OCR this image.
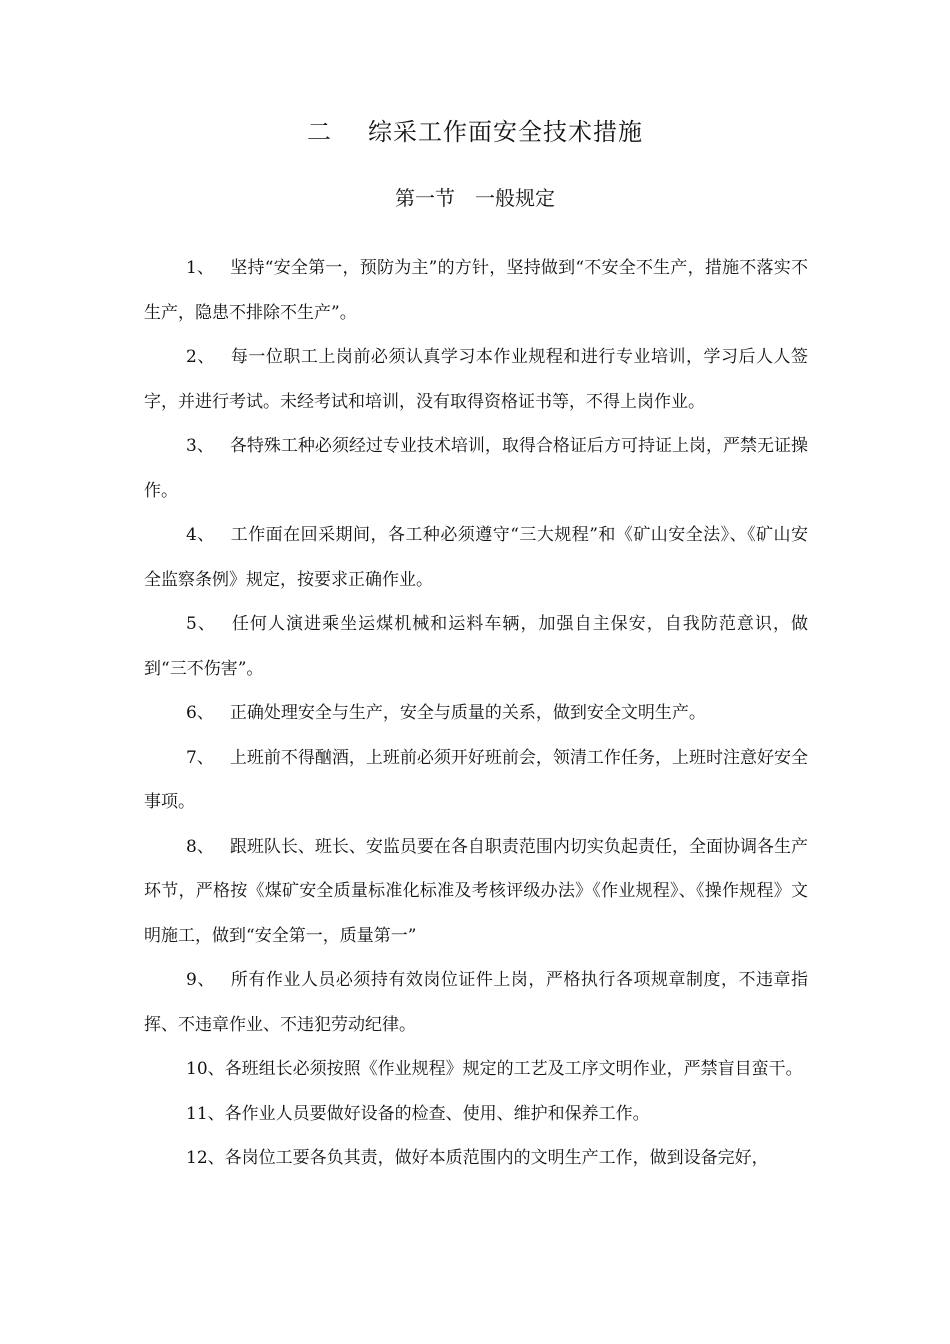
二 综采工作面安全技术措施
第一节 一般规定

1、 坚持“安全第一，预防为主”的方针，坚持做到“不安全不生产，措施不落实不生产，隐患不排除不生产”。

2、 每一位职工上岗前必须认真学习本作业规程和进行专业培训，学习后人人签字，并进行考试。未经考试和培训，没有取得资格证书等，不得上岗作业。

3、 各特殊工种必须经过专业技术培训，取得合格证后方可持证上岗，严禁无证操作。

4、 工作面在回采期间，各工种必须遵守“三大规程”和《矿山安全法》、《矿山安全监察条例》规定，按要求正确作业。

5、 任何人演进乘坐运煤机械和运料车辆，加强自主保安，自我防范意识，做到“三不伤害”。

6、 正确处理安全与生产，安全与质量的关系，做到安全文明生产。

7、 上班前不得酗酒，上班前必须开好班前会，领清工作任务，上班时注意好安全事项。

8、 跟班队长、班长、安监员要在各自职责范围内切实负起责任，全面协调各生产环节，严格按《煤矿安全质量标准化标准及考核评级办法》《作业规程》、《操作规程》文明施工，做到“安全第一，质量第一”

9、 所有作业人员必须持有效岗位证件上岗，严格执行各项规章制度，不违章指挥、不违章作业、不违犯劳动纪律。

10、各班组长必须按照《作业规程》规定的工艺及工序文明作业，严禁盲目蛮干。

11、各作业人员要做好设备的检查、使用、维护和保养工作。

12、各岗位工要各负其责，做好本质范围内的文明生产工作，做到设备完好，
